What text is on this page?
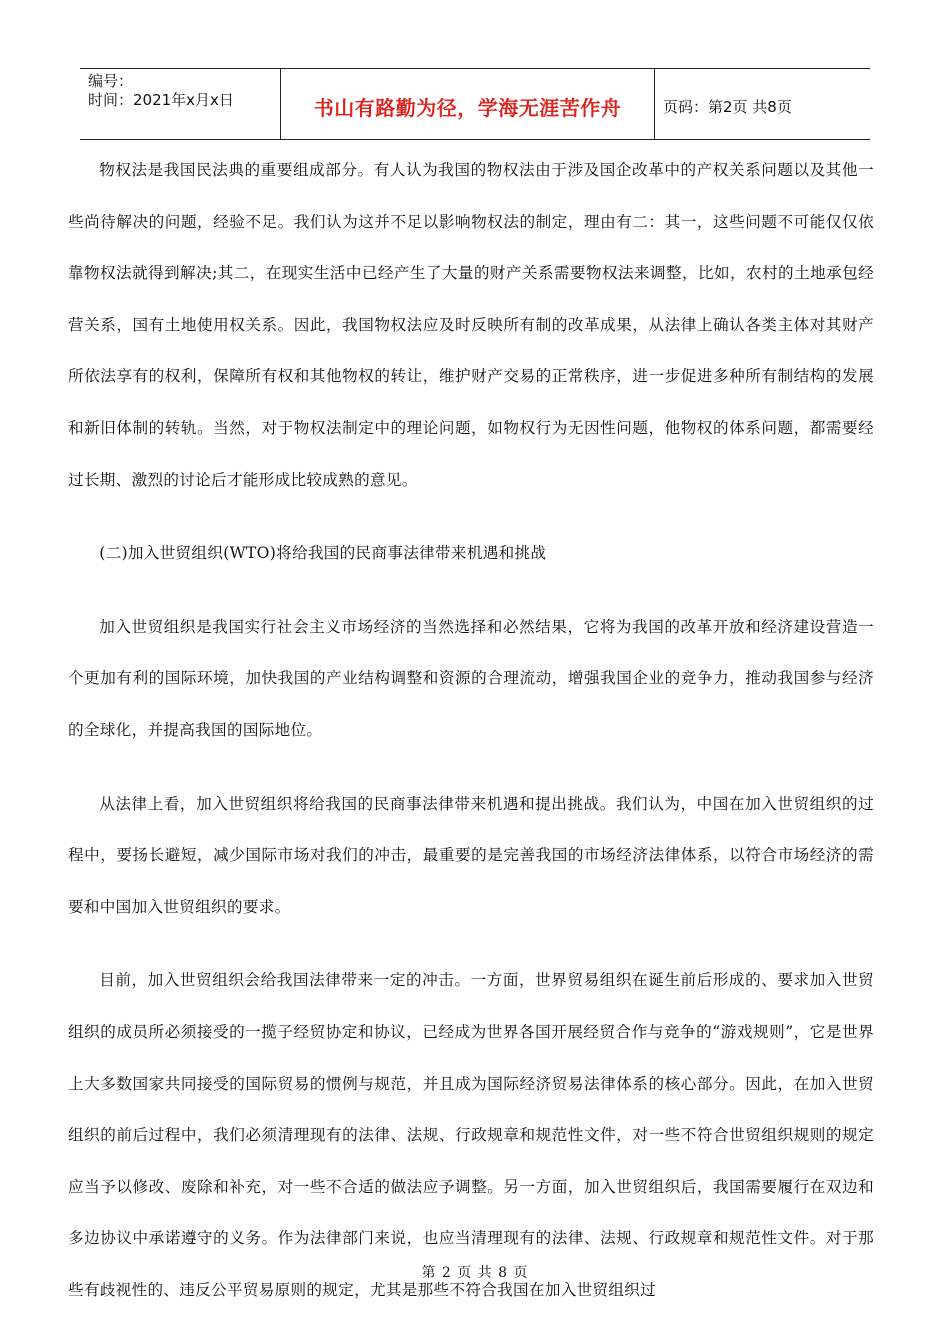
编号：
时间：2021年x月x日	书山有路勤为径，学海无涯苦作舟	页码：第2页 共8页

物权法是我国民法典的重要组成部分。有人认为我国的物权法由于涉及国企改革中的产权关系问题以及其他一些尚待解决的问题，经验不足。我们认为这并不足以影响物权法的制定，理由有二：其一，这些问题不可能仅仅依靠物权法就得到解决;其二，在现实生活中已经产生了大量的财产关系需要物权法来调整，比如，农村的土地承包经营关系，国有土地使用权关系。因此，我国物权法应及时反映所有制的改革成果，从法律上确认各类主体对其财产所依法享有的权利，保障所有权和其他物权的转让，维护财产交易的正常秩序，进一步促进多种所有制结构的发展和新旧体制的转轨。当然，对于物权法制定中的理论问题，如物权行为无因性问题，他物权的体系问题，都需要经过长期、激烈的讨论后才能形成比较成熟的意见。

(二)加入世贸组织(WTO)将给我国的民商事法律带来机遇和挑战

加入世贸组织是我国实行社会主义市场经济的当然选择和必然结果，它将为我国的改革开放和经济建设营造一个更加有利的国际环境，加快我国的产业结构调整和资源的合理流动，增强我国企业的竞争力，推动我国参与经济的全球化，并提高我国的国际地位。

从法律上看，加入世贸组织将给我国的民商事法律带来机遇和提出挑战。我们认为，中国在加入世贸组织的过程中，要扬长避短，减少国际市场对我们的冲击，最重要的是完善我国的市场经济法律体系，以符合市场经济的需要和中国加入世贸组织的要求。

目前，加入世贸组织会给我国法律带来一定的冲击。一方面，世界贸易组织在诞生前后形成的、要求加入世贸组织的成员所必须接受的一揽子经贸协定和协议，已经成为世界各国开展经贸合作与竞争的“游戏规则”，它是世界上大多数国家共同接受的国际贸易的惯例与规范，并且成为国际经济贸易法律体系的核心部分。因此，在加入世贸组织的前后过程中，我们必须清理现有的法律、法规、行政规章和规范性文件，对一些不符合世贸组织规则的规定应当予以修改、废除和补充，对一些不合适的做法应予调整。另一方面，加入世贸组织后，我国需要履行在双边和多边协议中承诺遵守的义务。作为法律部门来说，也应当清理现有的法律、法规、行政规章和规范性文件。对于那些有歧视性的、违反公平贸易原则的规定，尤其是那些不符合我国在加入世贸组织过

第 2 页 共 8 页
